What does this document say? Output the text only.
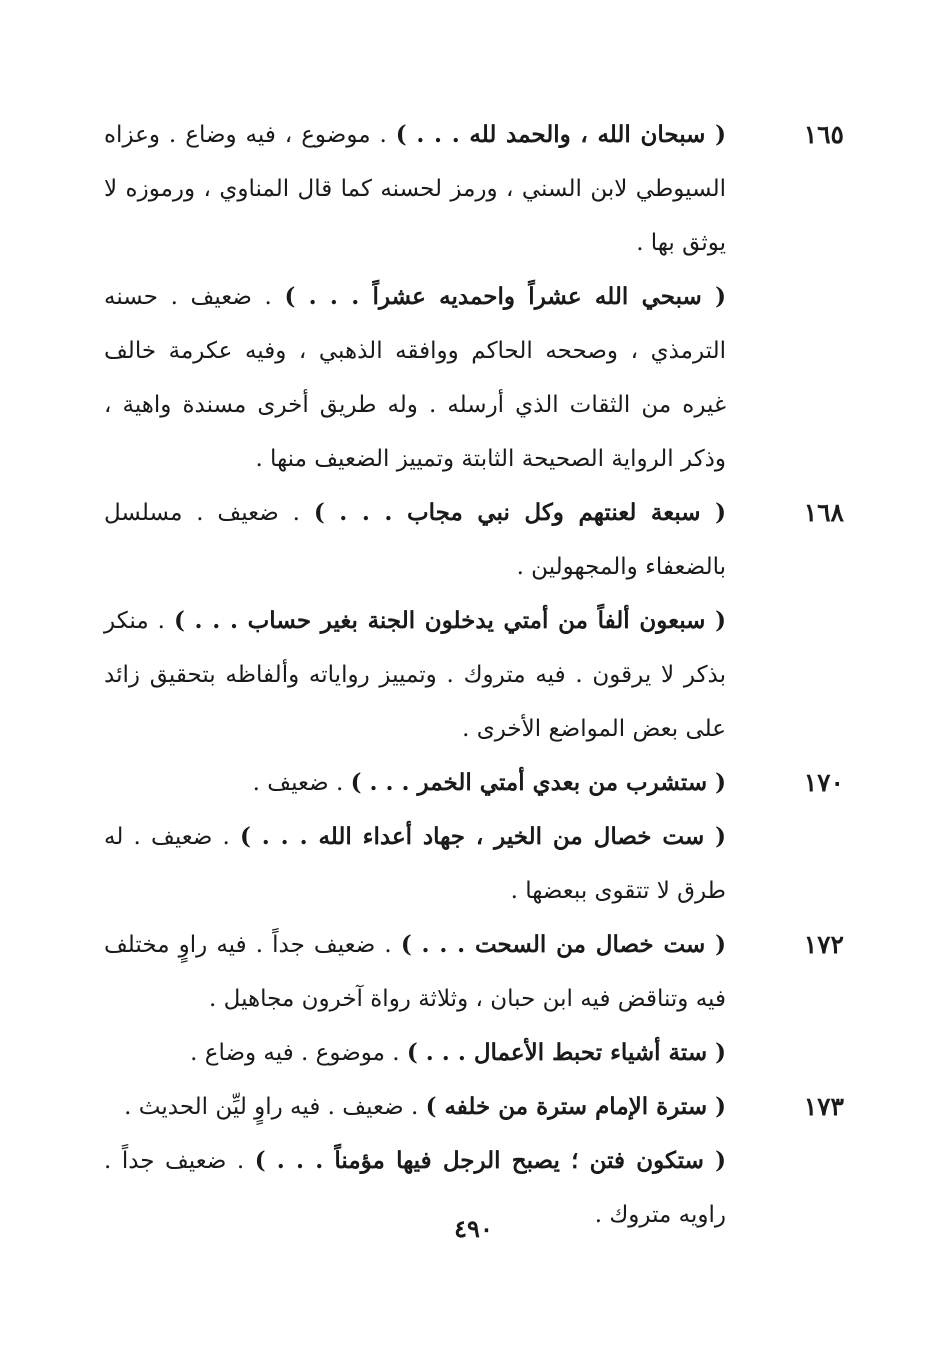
١٦٥
( سبحان الله ، والحمد لله . . . ) . موضوع ، فيه وضاع . وعزاه السيوطي لابن السني ، ورمز لحسنه كما قال المناوي ، ورموزه لا يوثق بها .
( سبحي الله عشراً واحمديه عشراً . . . ) . ضعيف . حسنه الترمذي ، وصححه الحاكم ووافقه الذهبي ، وفيه عكرمة خالف غيره من الثقات الذي أرسله . وله طريق أخرى مسندة واهية ، وذكر الرواية الصحيحة الثابتة وتمييز الضعيف منها .
١٦٨
( سبعة لعنتهم وكل نبي مجاب . . . ) . ضعيف . مسلسل بالضعفاء والمجهولين .
( سبعون ألفاً من أمتي يدخلون الجنة بغير حساب . . . ) . منكر بذكر لا يرقون . فيه متروك . وتمييز رواياته وألفاظه بتحقيق زائد على بعض المواضع الأخرى .
١٧٠
( ستشرب من بعدي أمتي الخمر . . . ) . ضعيف .
( ست خصال من الخير ، جهاد أعداء الله . . . ) . ضعيف . له طرق لا تتقوى ببعضها .
١٧٢
( ست خصال من السحت . . . ) . ضعيف جداً . فيه راوٍ مختلف فيه وتناقض فيه ابن حبان ، وثلاثة رواة آخرون مجاهيل .
( ستة أشياء تحبط الأعمال . . . ) . موضوع . فيه وضاع .
١٧٣
( سترة الإمام سترة من خلفه ) . ضعيف . فيه راوٍ ليِّن الحديث .
( ستكون فتن ؛ يصبح الرجل فيها مؤمناً . . . ) . ضعيف جداً . راويه متروك .
٤٩٠
